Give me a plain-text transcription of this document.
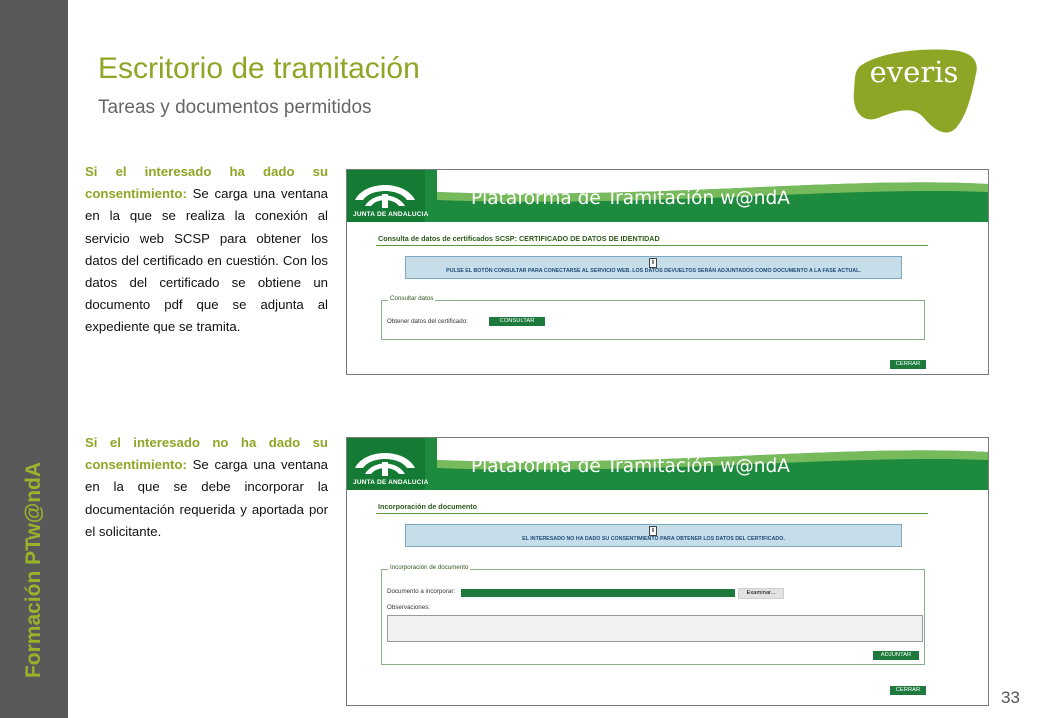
Formación PTw@ndA
Escritorio de tramitación
Tareas y documentos permitidos
everis
Si el interesado ha dado su consentimiento: Se carga una ventana en la que se realiza la conexión al servicio web SCSP para obtener los datos del certificado en cuestión. Con los datos del certificado se obtiene un documento pdf que se adjunta al expediente que se tramita.
Si el interesado no ha dado su consentimiento: Se carga una ventana en la que se debe incorporar la documentación requerida y aportada por el solicitante.
JUNTA DE ANDALUCIA
Plataforma de Tramitación w@ndA
Consulta de datos de certificados SCSP: CERTIFICADO DE DATOS DE IDENTIDAD
i
PULSE EL BOTÓN CONSULTAR PARA CONECTARSE AL SERVICIO WEB. LOS DATOS DEVUELTOS SERÁN ADJUNTADOS COMO DOCUMENTO A LA FASE ACTUAL.
Consultar datos
Obtener datos del certificado:	CONSULTAR
CERRAR
JUNTA DE ANDALUCIA
Plataforma de Tramitación w@ndA
Incorporación de documento
i
EL INTERESADO NO HA DADO SU CONSENTIMIENTO PARA OBTENER LOS DATOS DEL CERTIFICADO.
Incorporación de documento
Documento a incorporar:	Examinar...
Observaciones:
ADJUNTAR
CERRAR	33
